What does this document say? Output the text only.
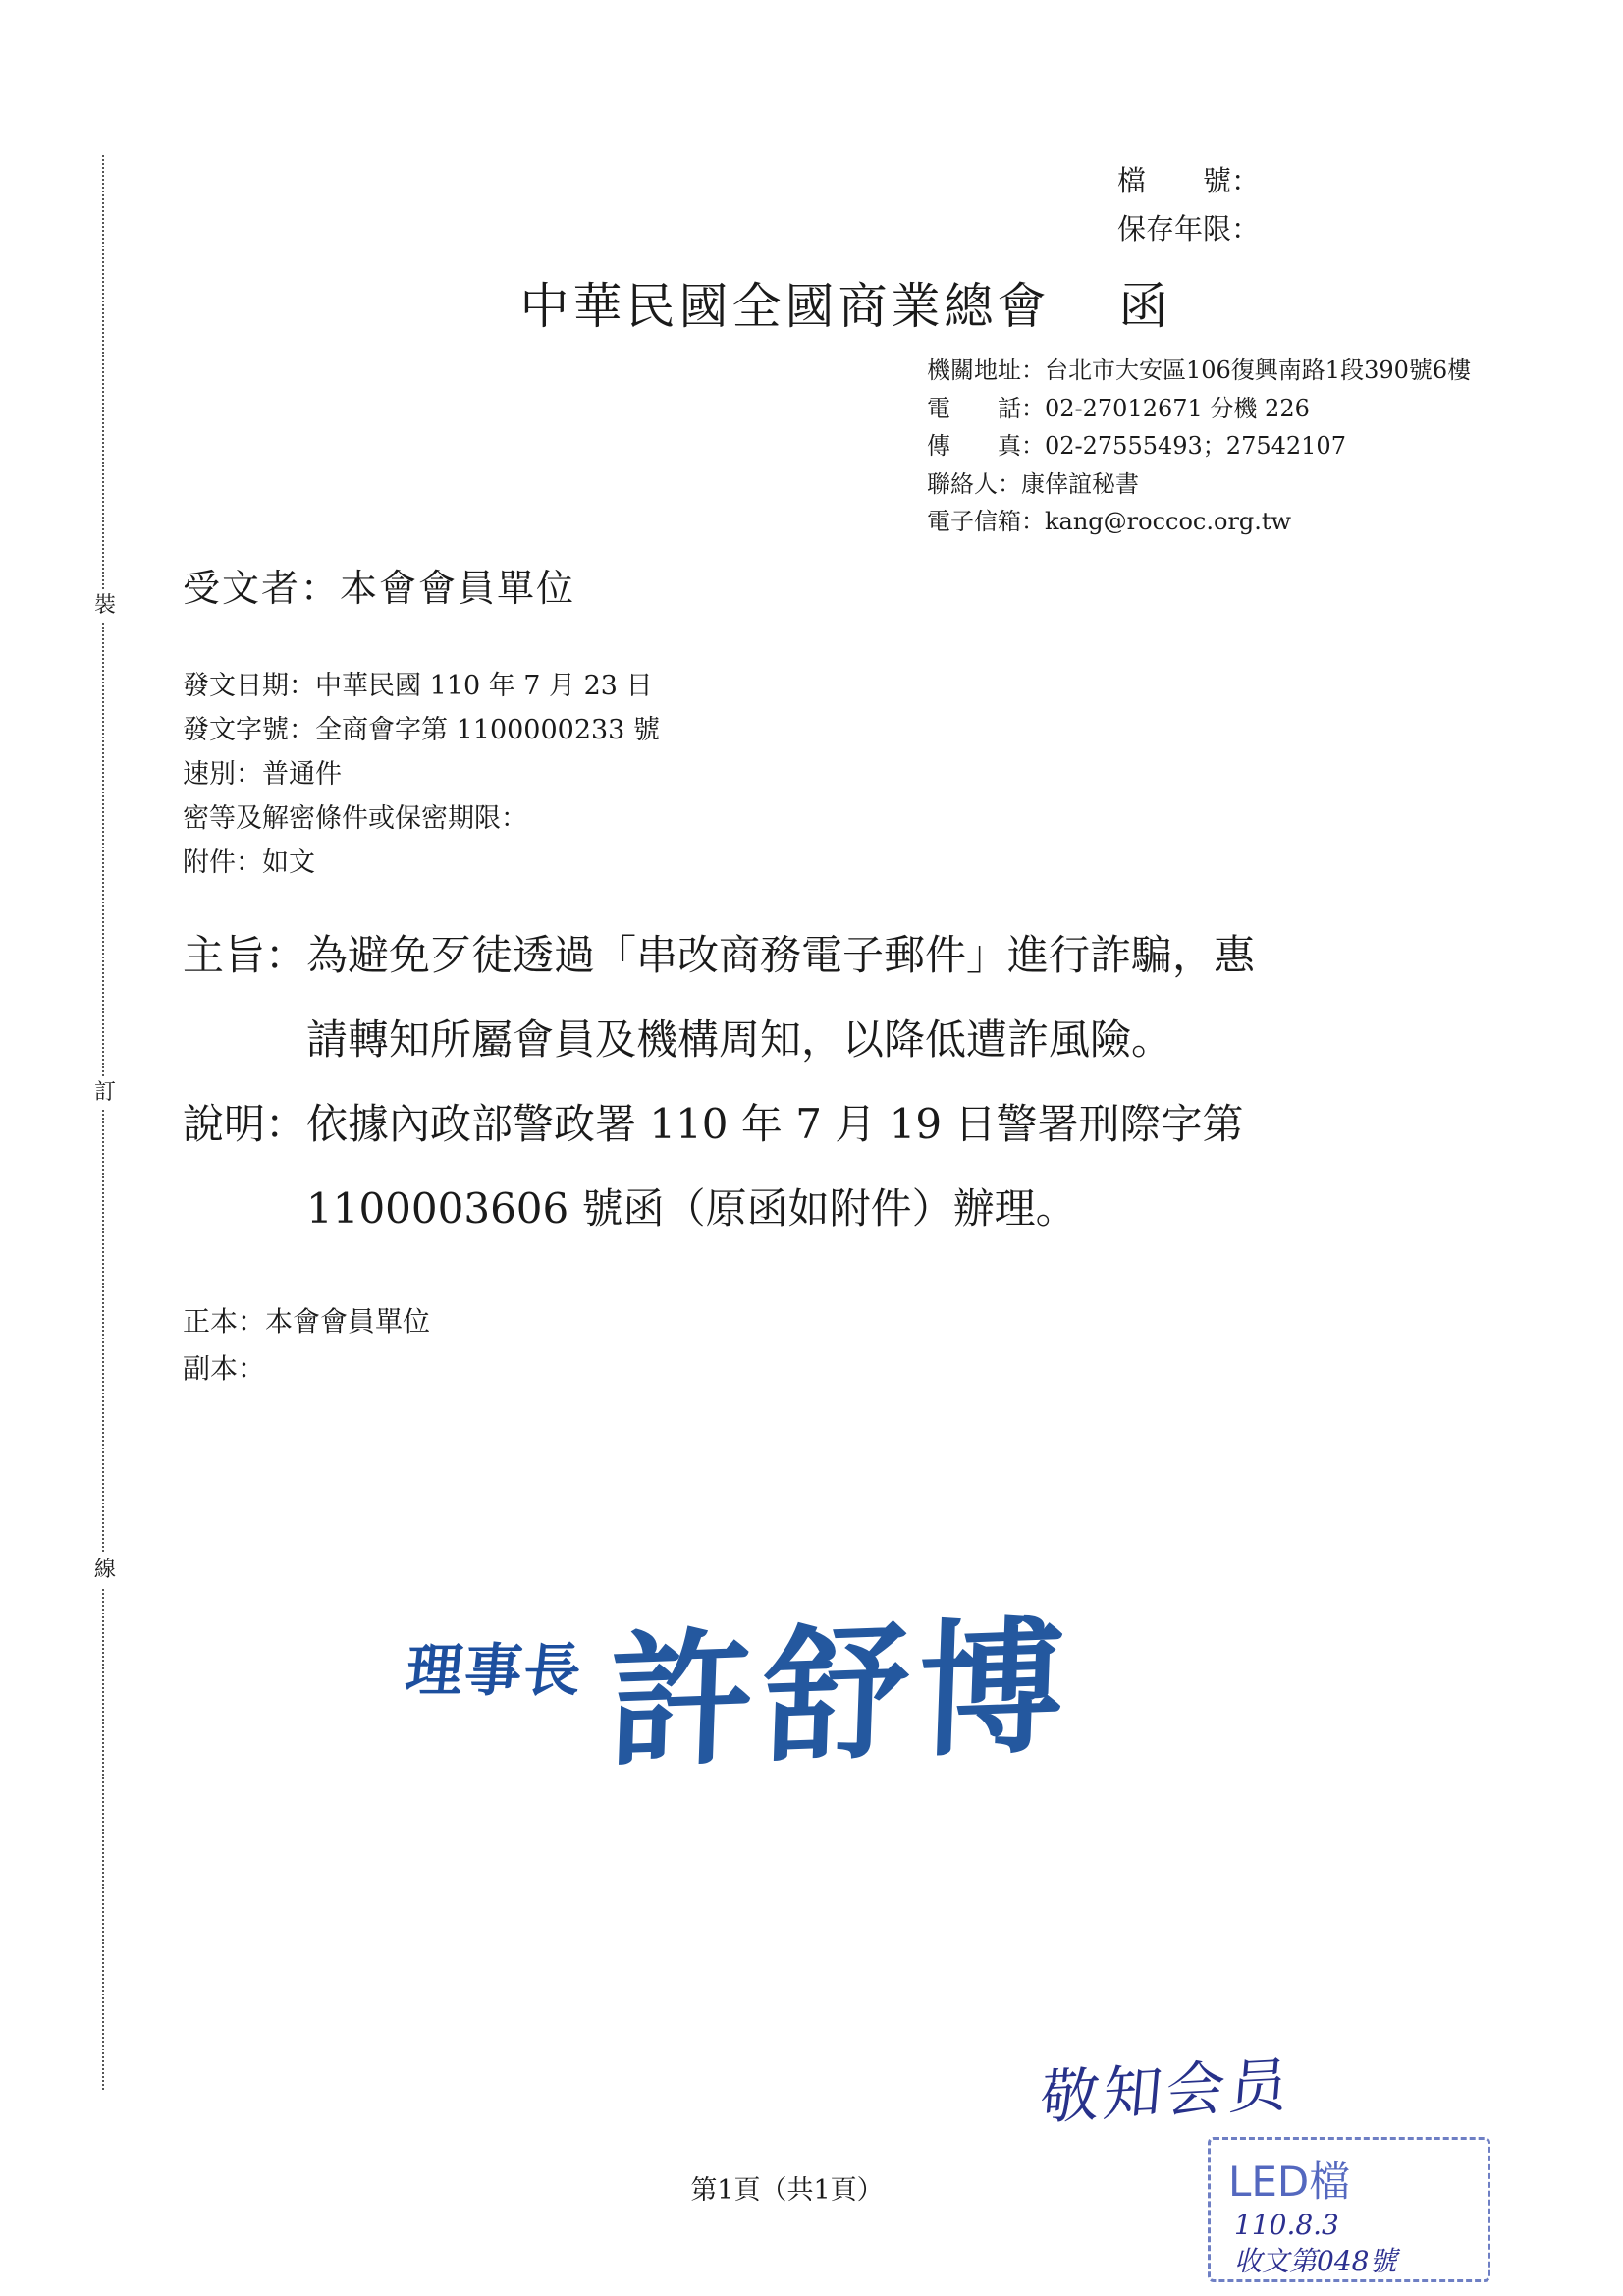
裝
訂
線
檔　　號：
保存年限：
中華民國全國商業總會 函
機關地址：台北市大安區106復興南路1段390號6樓
電　　話：02-27012671 分機 226
傳　　真：02-27555493；27542107
聯絡人：康倖誼秘書
電子信箱：kang@roccoc.org.tw
受文者：本會會員單位
發文日期：中華民國 110 年 7 月 23 日
發文字號：全商會字第 1100000233 號
速別：普通件
密等及解密條件或保密期限：
附件：如文
主旨： 為避免歹徒透過「串改商務電子郵件」進行詐騙，惠
請轉知所屬會員及機構周知，以降低遭詐風險。
說明： 依據內政部警政署 110 年 7 月 19 日警署刑際字第
1100003606 號函（原函如附件）辦理。
正本：本會會員單位
副本：
理事長 許舒博
敬知会员
LED檔
110.8.3
收文第048號
第1頁（共1頁）
